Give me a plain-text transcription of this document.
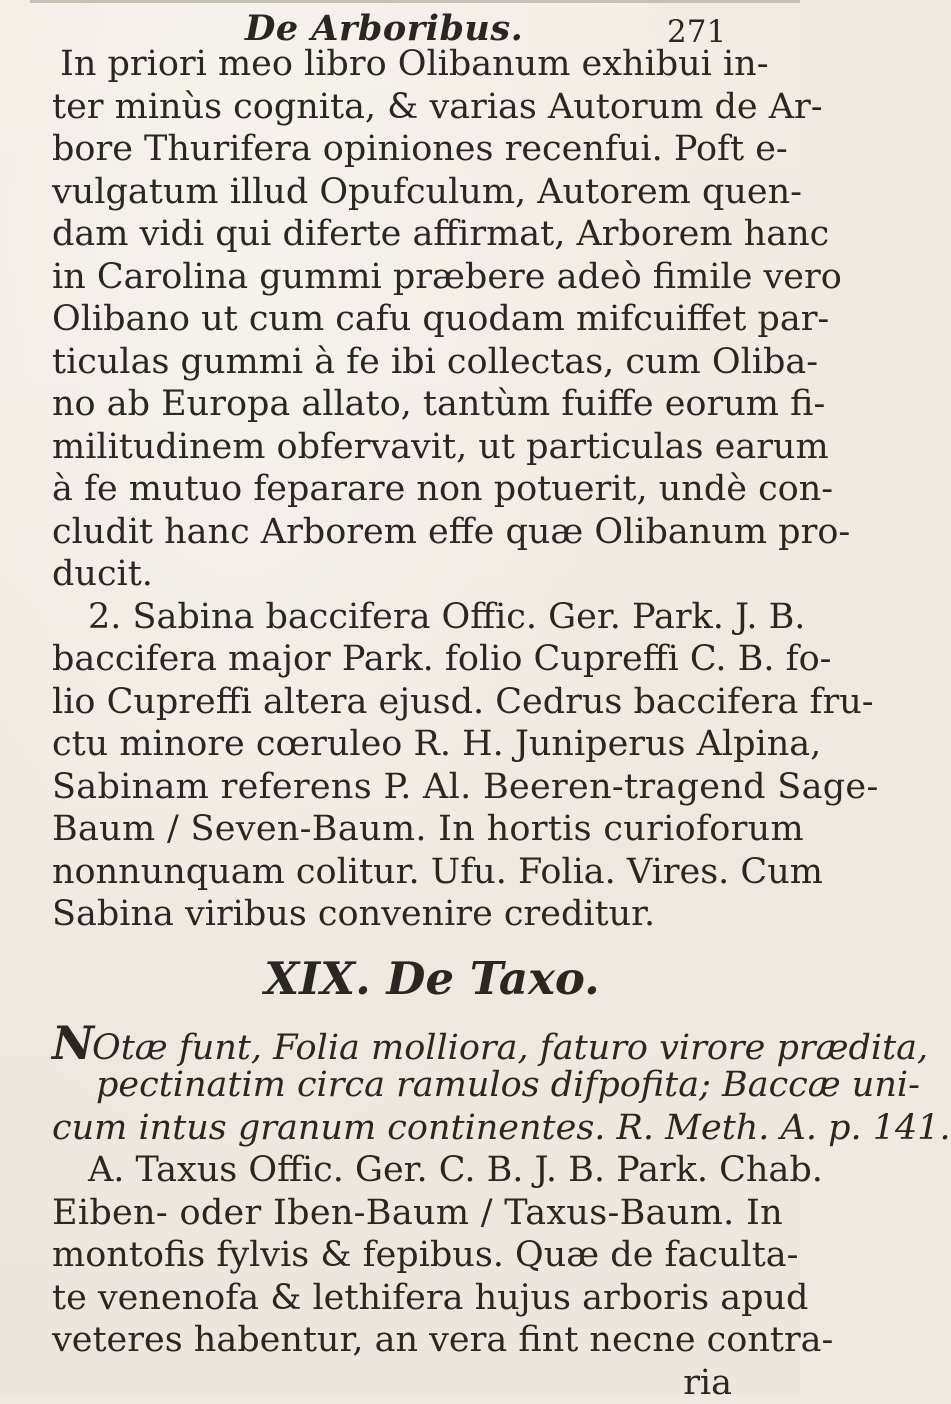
De Arboribus.	271
In priori meo libro Olibanum exhibui in-
ter minùs cognita, & varias Autorum de Ar-
bore Thurifera opiniones recenfui. Poft e-
vulgatum illud Opufculum, Autorem quen-
dam vidi qui diferte affirmat, Arborem hanc
in Carolina gummi præbere adeò fimile vero
Olibano ut cum cafu quodam mifcuiffet par-
ticulas gummi à fe ibi collectas, cum Oliba-
no ab Europa allato, tantùm fuiffe eorum fi-
militudinem obfervavit, ut particulas earum
à fe mutuo feparare non potuerit, undè con-
cludit hanc Arborem effe quæ Olibanum pro-
ducit.
2. Sabina baccifera Offic. Ger. Park. J. B.
baccifera major Park. folio Cupreffi C. B. fo-
lio Cupreffi altera ejusd. Cedrus baccifera fru-
ctu minore cœruleo R. H. Juniperus Alpina,
Sabinam referens P. Al. Beeren-tragend Sage-
Baum / Seven-Baum. In hortis curioforum
nonnunquam colitur. Ufu. Folia. Vires. Cum
Sabina viribus convenire creditur.
XIX. De Taxo.
NOtæ funt, Folia molliora, faturo virore prædita,
pectinatim circa ramulos difpofita; Baccæ uni-
cum intus granum continentes. R. Meth. A. p. 141.
A. Taxus Offic. Ger. C. B. J. B. Park. Chab.
Eiben- oder Iben-Baum / Taxus-Baum. In
montofis fylvis & fepibus. Quæ de faculta-
te venenofa & lethifera hujus arboris apud
veteres habentur, an vera fint necne contra-
ria
